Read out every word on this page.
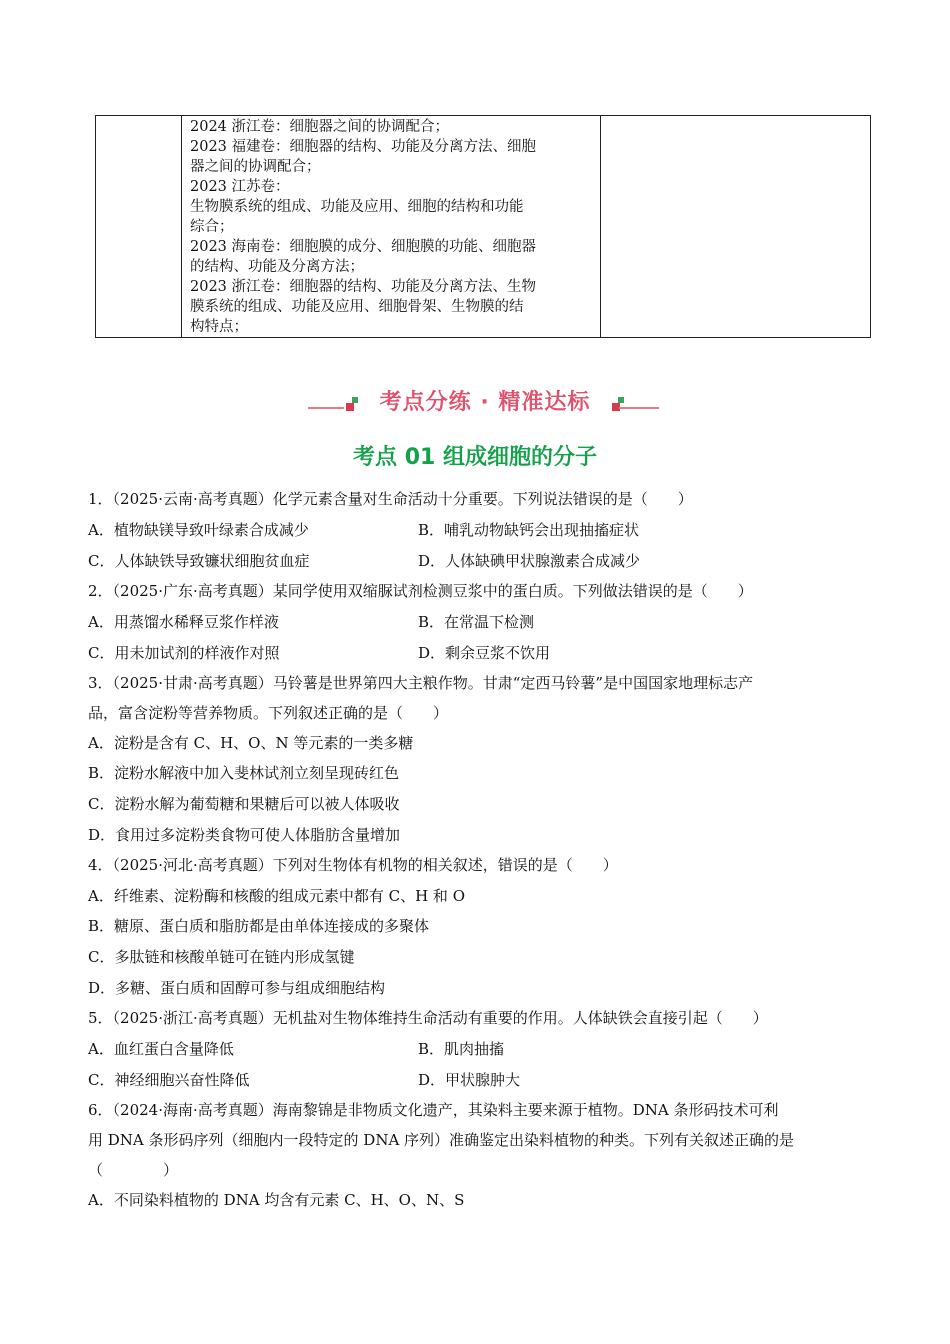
2024 浙江卷：细胞器之间的协调配合；
2023 福建卷：细胞器的结构、功能及分离方法、细胞
器之间的协调配合；
2023 江苏卷：
生物膜系统的组成、功能及应用、细胞的结构和功能
综合；
2023 海南卷：细胞膜的成分、细胞膜的功能、细胞器
的结构、功能及分离方法；
2023 浙江卷：细胞器的结构、功能及分离方法、生物
膜系统的组成、功能及应用、细胞骨架、生物膜的结
构特点；

考点分练 · 精准达标
考点 01 组成细胞的分子
1．（2025·云南·高考真题）化学元素含量对生命活动十分重要。下列说法错误的是（　　）
A．植物缺镁导致叶绿素合成减少	B．哺乳动物缺钙会出现抽搐症状
C．人体缺铁导致镰状细胞贫血症	D．人体缺碘甲状腺激素合成减少
2．（2025·广东·高考真题）某同学使用双缩脲试剂检测豆浆中的蛋白质。下列做法错误的是（　　）
A．用蒸馏水稀释豆浆作样液	B．在常温下检测
C．用未加试剂的样液作对照	D．剩余豆浆不饮用
3．（2025·甘肃·高考真题）马铃薯是世界第四大主粮作物。甘肃“定西马铃薯”是中国国家地理标志产
品，富含淀粉等营养物质。下列叙述正确的是（　　）
A．淀粉是含有 C、H、O、N 等元素的一类多糖
B．淀粉水解液中加入斐林试剂立刻呈现砖红色
C．淀粉水解为葡萄糖和果糖后可以被人体吸收
D．食用过多淀粉类食物可使人体脂肪含量增加
4．（2025·河北·高考真题）下列对生物体有机物的相关叙述，错误的是（　　）
A．纤维素、淀粉酶和核酸的组成元素中都有 C、H 和 O
B．糖原、蛋白质和脂肪都是由单体连接成的多聚体
C．多肽链和核酸单链可在链内形成氢键
D．多糖、蛋白质和固醇可参与组成细胞结构
5．（2025·浙江·高考真题）无机盐对生物体维持生命活动有重要的作用。人体缺铁会直接引起（　　）
A．血红蛋白含量降低	B．肌肉抽搐
C．神经细胞兴奋性降低	D．甲状腺肿大
6．（2024·海南·高考真题）海南黎锦是非物质文化遗产，其染料主要来源于植物。DNA 条形码技术可利
用 DNA 条形码序列（细胞内一段特定的 DNA 序列）准确鉴定出染料植物的种类。下列有关叙述正确的是
（　　　　）
A．不同染料植物的 DNA 均含有元素 C、H、O、N、S
